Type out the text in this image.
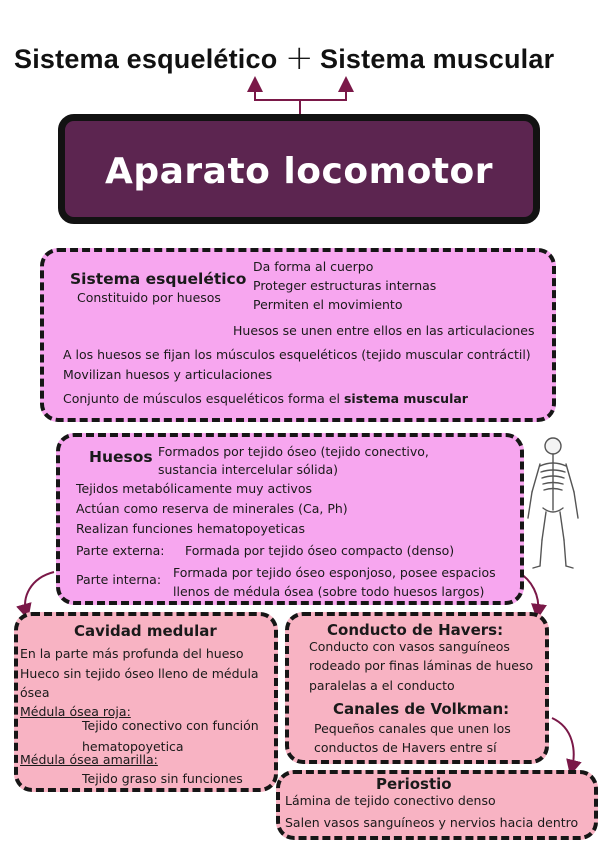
Sistema esquelético + Sistema muscular
Aparato locomotor
Sistema esquelético
Constituido por huesos
Da forma al cuerpo
Proteger estructuras internas
Permiten el movimiento
Huesos se unen entre ellos en las articulaciones
A los huesos se fijan los músculos esqueléticos (tejido muscular contráctil)
Movilizan huesos y articulaciones
Conjunto de músculos esqueléticos forma el sistema muscular
Huesos Formados por tejido óseo (tejido conectivo,
sustancia intercelular sólida)
Tejidos metabólicamente muy activos
Actúan como reserva de minerales (Ca, Ph)
Realizan funciones hematopoyeticas
Parte externa: Formada por tejido óseo compacto (denso)
Parte interna: Formada por tejido óseo esponjoso, posee espacios
llenos de médula ósea (sobre todo huesos largos)
Cavidad medular
En la parte más profunda del hueso
Hueco sin tejido óseo lleno de médula
ósea
Médula ósea roja:
Tejido conectivo con función
hematopoyetica
Médula ósea amarilla:
Tejido graso sin funciones
Conducto de Havers:
Conducto con vasos sanguíneos
rodeado por finas láminas de hueso
paralelas a el conducto
Canales de Volkman:
Pequeños canales que unen los
conductos de Havers entre sí
Periostio
Lámina de tejido conectivo denso
Salen vasos sanguíneos y nervios hacia dentro
